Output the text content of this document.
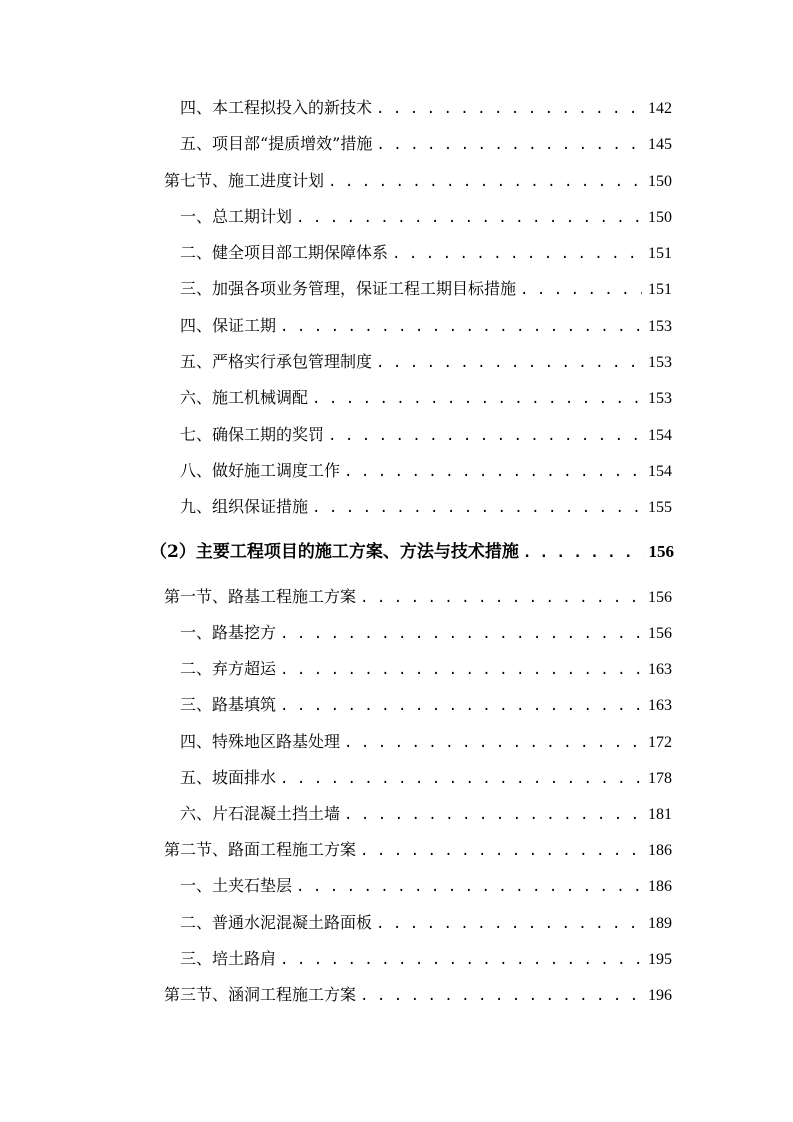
四、本工程拟投入的新技术 . . .	142
五、项目部“提质增效”措施 . . .	145
第七节、施工进度计划 . . .	150
一、总工期计划 . . .	150
二、健全项目部工期保障体系 . . .	151
三、加强各项业务管理，保证工程工期目标措施 . . .	151
四、保证工期 . . .	153
五、严格实行承包管理制度 . . .	153
六、施工机械调配 . . .	153
七、确保工期的奖罚 . . .	154
八、做好施工调度工作 . . .	154
九、组织保证措施 . . .	155
（2）主要工程项目的施工方案、方法与技术措施 . . .	156
第一节、路基工程施工方案 . . .	156
一、路基挖方 . . .	156
二、弃方超运 . . .	163
三、路基填筑 . . .	163
四、特殊地区路基处理 . . .	172
五、坡面排水 . . .	178
六、片石混凝土挡土墙 . . .	181
第二节、路面工程施工方案 . . .	186
一、土夹石垫层 . . .	186
二、普通水泥混凝土路面板 . . .	189
三、培土路肩 . . .	195
第三节、涵洞工程施工方案 . . .	196
